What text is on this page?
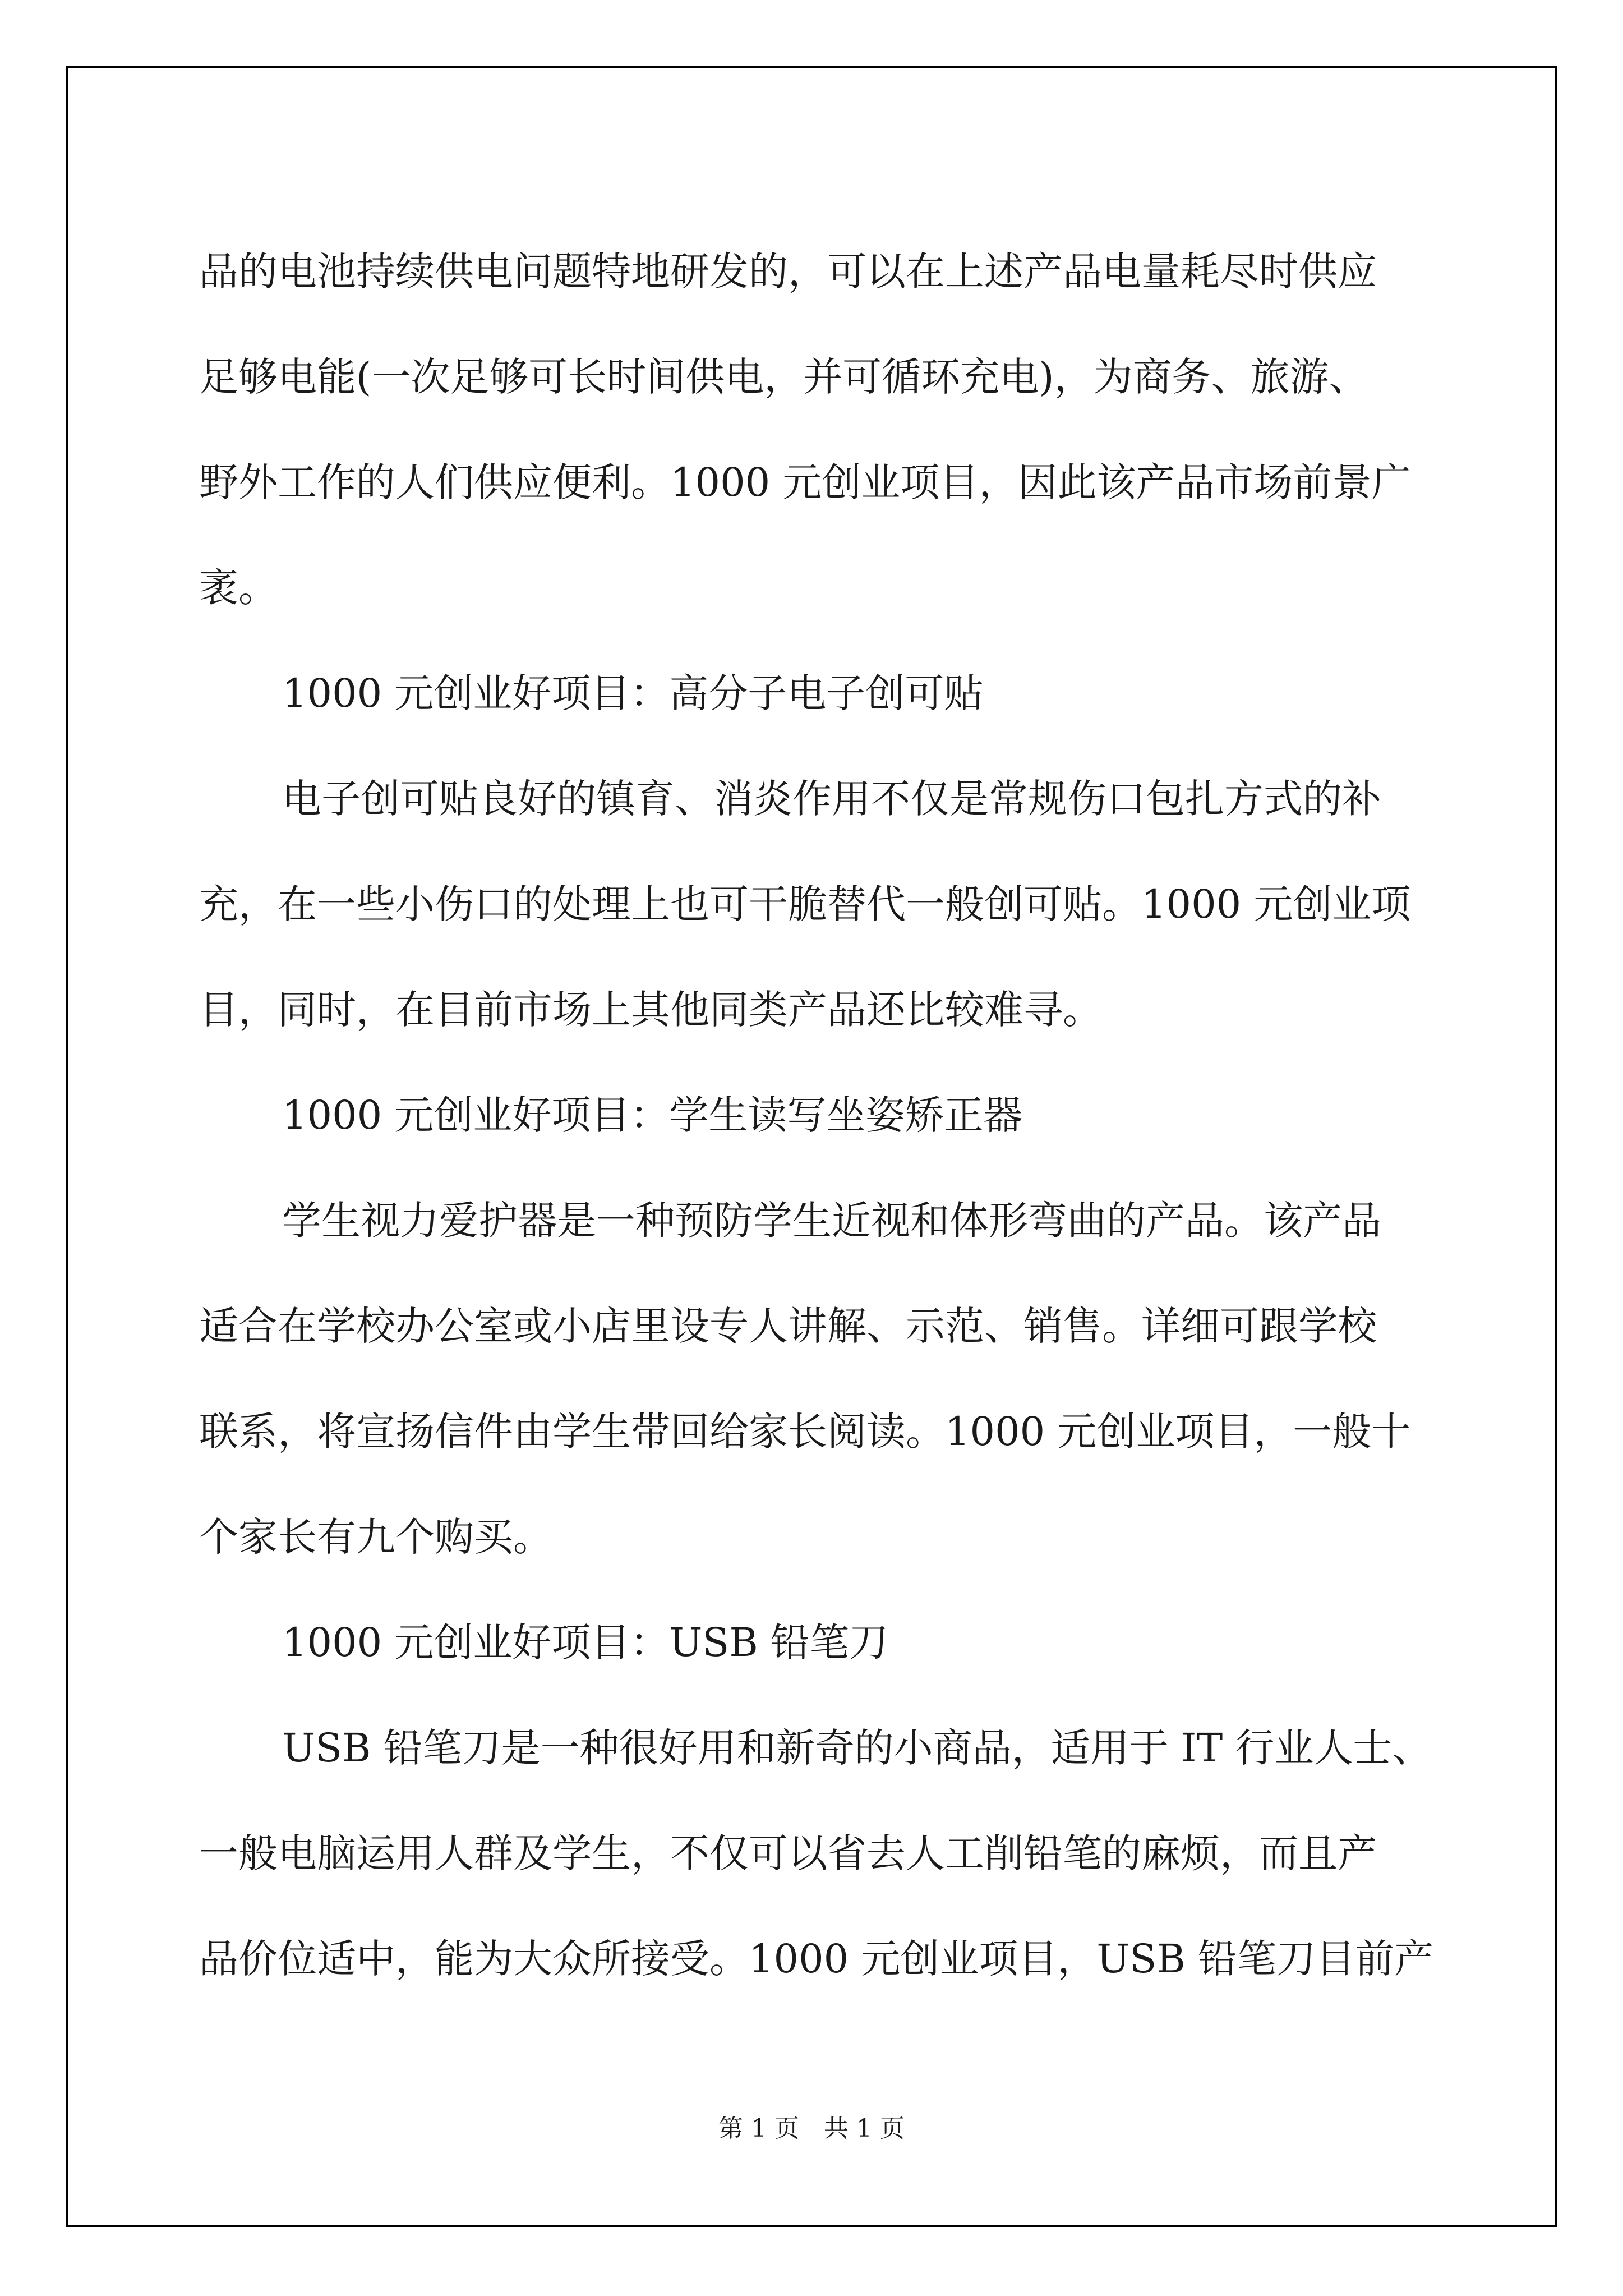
品的电池持续供电问题特地研发的，可以在上述产品电量耗尽时供应
足够电能(一次足够可长时间供电，并可循环充电)，为商务、旅游、
野外工作的人们供应便利。1000 元创业项目，因此该产品市场前景广
袤。
1000 元创业好项目：高分子电子创可贴
电子创可贴良好的镇育、消炎作用不仅是常规伤口包扎方式的补
充，在一些小伤口的处理上也可干脆替代一般创可贴。1000 元创业项
目，同时，在目前市场上其他同类产品还比较难寻。
1000 元创业好项目：学生读写坐姿矫正器
学生视力爱护器是一种预防学生近视和体形弯曲的产品。该产品
适合在学校办公室或小店里设专人讲解、示范、销售。详细可跟学校
联系，将宣扬信件由学生带回给家长阅读。1000 元创业项目，一般十
个家长有九个购买。
1000 元创业好项目：USB 铅笔刀
USB 铅笔刀是一种很好用和新奇的小商品，适用于 IT 行业人士、
一般电脑运用人群及学生，不仅可以省去人工削铅笔的麻烦，而且产
品价位适中，能为大众所接受。1000 元创业项目，USB 铅笔刀目前产
第 1 页 共 1 页
